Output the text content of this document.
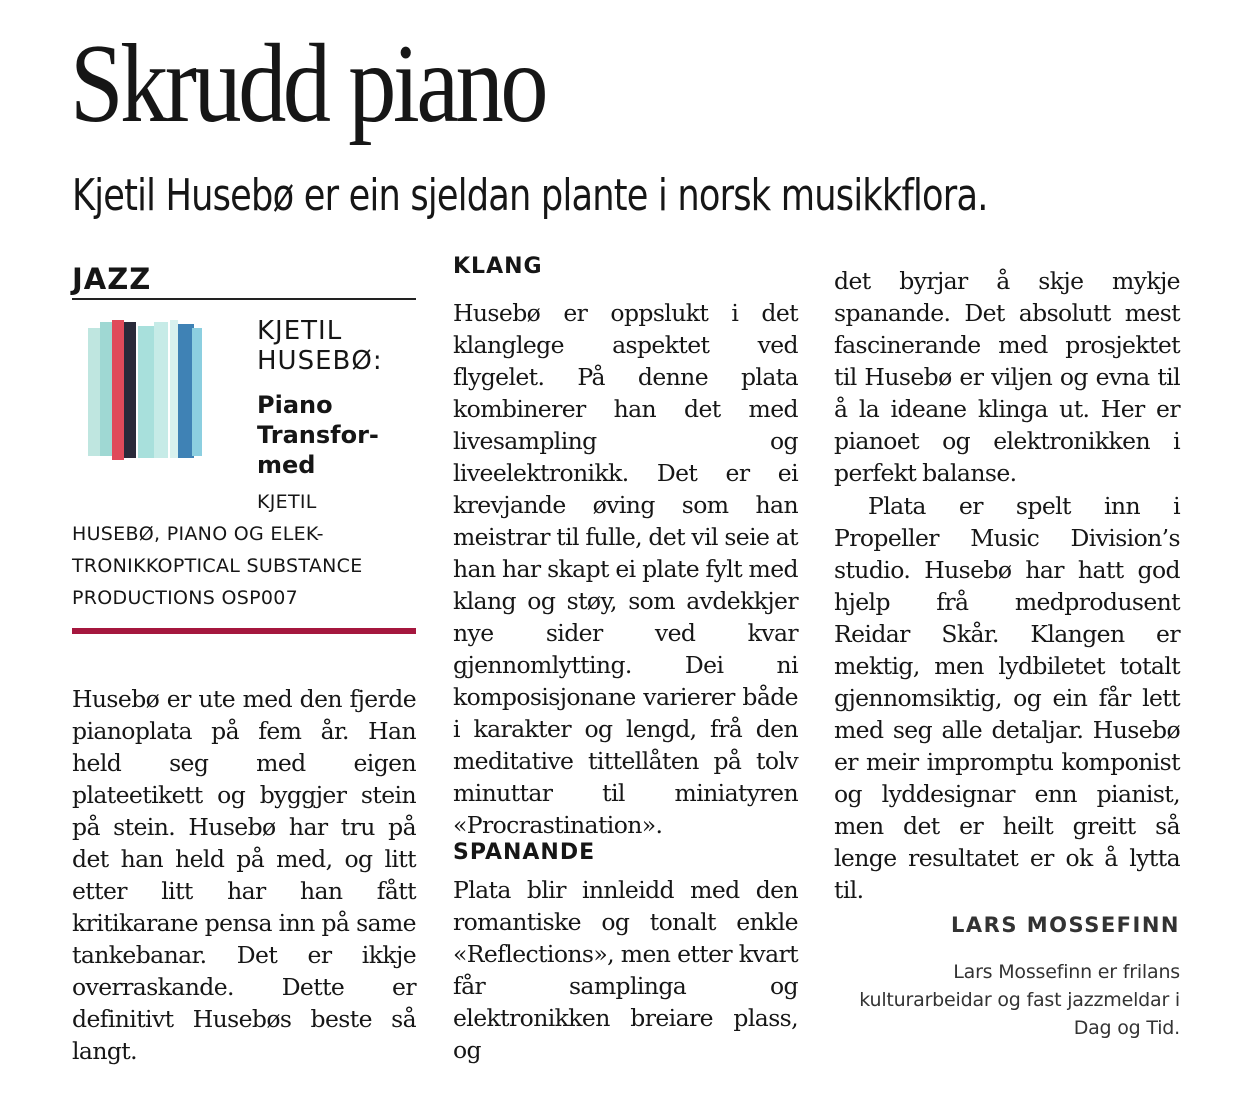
Skrudd piano
Kjetil Husebø er ein sjeldan plante i norsk musikkflora.
JAZZ
KJETIL HUSEBØ:
Piano Transfor-med
KJETIL
HUSEBØ, PIANO OG ELEK-TRONIKKOPTICAL SUBSTANCE PRODUCTIONS OSP007

Husebø er ute med den fjerde pianoplata på fem år. Han held seg med eigen plateetikett og byggjer stein på stein. Husebø har tru på det han held på med, og litt etter litt har han fått kritikarane pensa inn på same tankebanar. Det er ikkje overraskande. Dette er definitivt Husebøs beste så langt.

KLANG

Husebø er oppslukt i det klanglege aspektet ved flygelet. På denne plata kombinerer han det med livesampling og liveelektronikk. Det er ei krevjande øving som han meistrar til fulle, det vil seie at han har skapt ei plate fylt med klang og støy, som avdekkjer nye sider ved kvar gjennomlytting. Dei ni komposisjonane varierer både i karakter og lengd, frå den meditative tittellåten på tolv minuttar til miniatyren «Procrastination».

SPANANDE

Plata blir innleidd med den romantiske og tonalt enkle «Reflections», men etter kvart får samplinga og elektronikken breiare plass, og

det byrjar å skje mykje spanande. Det absolutt mest fascinerande med prosjektet til Husebø er viljen og evna til å la ideane klinga ut. Her er pianoet og elektronikken i perfekt balanse.

Plata er spelt inn i Propeller Music Division’s studio. Husebø har hatt god hjelp frå medprodusent Reidar Skår. Klangen er mektig, men lydbiletet totalt gjennomsiktig, og ein får lett med seg alle detaljar. Husebø er meir impromptu komponist og lyddesignar enn pianist, men det er heilt greitt så lenge resultatet er ok å lytta til.

LARS MOSSEFINN
Lars Mossefinn er frilans kulturarbeidar og fast jazzmeldar i Dag og Tid.
